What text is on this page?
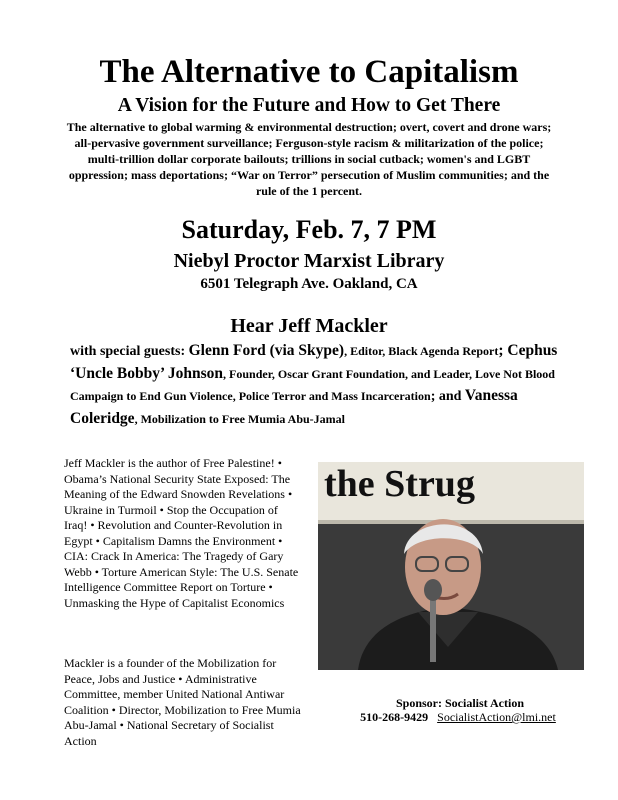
The Alternative to Capitalism
A Vision for the Future and How to Get There
The alternative to global warming & environmental destruction; overt, covert and drone wars; all-pervasive government surveillance; Ferguson-style racism & militarization of the police; multi-trillion dollar corporate bailouts; trillions in social cutback; women's and LGBT oppression; mass deportations; “War on Terror” persecution of Muslim communities; and the rule of the 1 percent.
Saturday, Feb. 7, 7 PM
Niebyl Proctor Marxist Library
6501 Telegraph Ave. Oakland, CA
Hear Jeff Mackler
with special guests: Glenn Ford (via Skype), Editor, Black Agenda Report; Cephus ‘Uncle Bobby’ Johnson, Founder, Oscar Grant Foundation, and Leader, Love Not Blood Campaign to End Gun Violence, Police Terror and Mass Incarceration; and Vanessa Coleridge, Mobilization to Free Mumia Abu-Jamal
Jeff Mackler is the author of Free Palestine! • Obama’s National Security State Exposed: The Meaning of the Edward Snowden Revelations • Ukraine in Turmoil • Stop the Occupation of Iraq! • Revolution and Counter-Revolution in Egypt • Capitalism Damns the Environment • CIA: Crack In America: The Tragedy of Gary Webb • Torture American Style: The U.S. Senate Intelligence Committee Report on Torture • Unmasking the Hype of Capitalist Economics
Mackler is a founder of the Mobilization for Peace, Jobs and Justice • Administrative Committee, member United National Antiwar Coalition • Director, Mobilization to Free Mumia Abu-Jamal • National Secretary of Socialist Action
the Strug
Sponsor: Socialist Action
510-268-9429 SocialistAction@lmi.net
